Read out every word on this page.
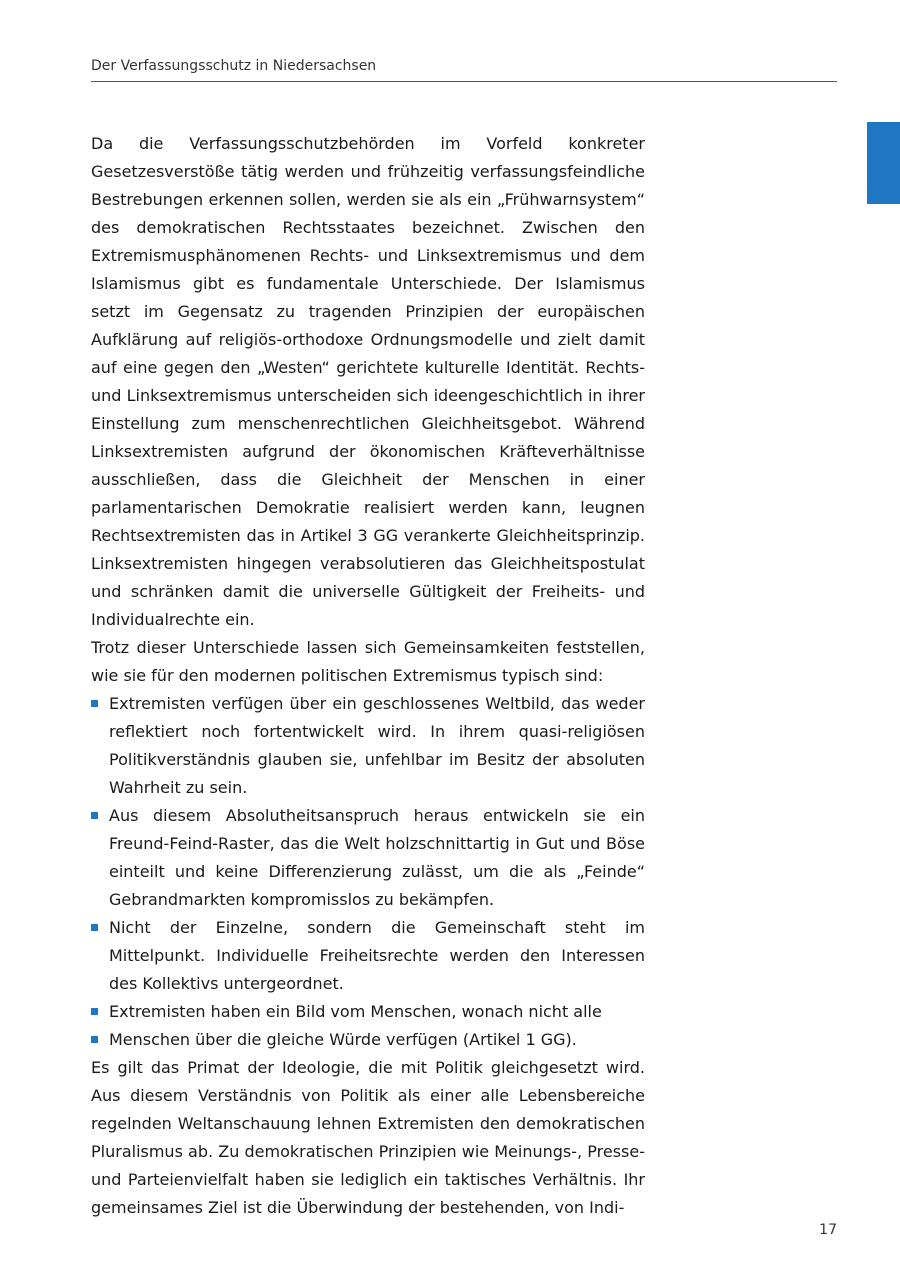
Der Verfassungsschutz in Niedersachsen

Da die Verfassungsschutzbehörden im Vorfeld konkreter Gesetzesverstöße tätig werden und frühzeitig verfassungsfeindliche Bestrebungen erkennen sollen, werden sie als ein „Frühwarnsystem“ des demokratischen Rechtsstaates bezeichnet. Zwischen den Extremismusphänomenen Rechts- und Linksextremismus und dem Islamismus gibt es fundamentale Unterschiede. Der Islamismus setzt im Gegensatz zu tragenden Prinzipien der europäischen Aufklärung auf religiös-orthodoxe Ordnungsmodelle und zielt damit auf eine gegen den „Westen“ gerichtete kulturelle Identität. Rechts- und Linksextremismus unterscheiden sich ideengeschichtlich in ihrer Einstellung zum menschenrechtlichen Gleichheitsgebot. Während Linksextremisten aufgrund der ökonomischen Kräfteverhältnisse ausschließen, dass die Gleichheit der Menschen in einer parlamentarischen Demokratie realisiert werden kann, leugnen Rechtsextremisten das in Artikel 3 GG verankerte Gleichheitsprinzip. Linksextremisten hingegen verabsolutieren das Gleichheitspostulat und schränken damit die universelle Gültigkeit der Freiheits- und Individualrechte ein.

Trotz dieser Unterschiede lassen sich Gemeinsamkeiten feststellen, wie sie für den modernen politischen Extremismus typisch sind:

Extremisten verfügen über ein geschlossenes Weltbild, das weder reflektiert noch fortentwickelt wird. In ihrem quasi-religiösen Politikverständnis glauben sie, unfehlbar im Besitz der absoluten Wahrheit zu sein.
Aus diesem Absolutheitsanspruch heraus entwickeln sie ein Freund-Feind-Raster, das die Welt holzschnittartig in Gut und Böse einteilt und keine Differenzierung zulässt, um die als „Feinde“ Gebrandmarkten kompromisslos zu bekämpfen.
Nicht der Einzelne, sondern die Gemeinschaft steht im Mittelpunkt. Individuelle Freiheitsrechte werden den Interessen des Kollektivs untergeordnet.
Extremisten haben ein Bild vom Menschen, wonach nicht alle
Menschen über die gleiche Würde verfügen (Artikel 1 GG).

Es gilt das Primat der Ideologie, die mit Politik gleichgesetzt wird. Aus diesem Verständnis von Politik als einer alle Lebensbereiche regelnden Weltanschauung lehnen Extremisten den demokratischen Pluralismus ab. Zu demokratischen Prinzipien wie Meinungs-, Presse- und Parteienvielfalt haben sie lediglich ein taktisches Verhältnis. Ihr gemeinsames Ziel ist die Überwindung der bestehenden, von Indi-

17
